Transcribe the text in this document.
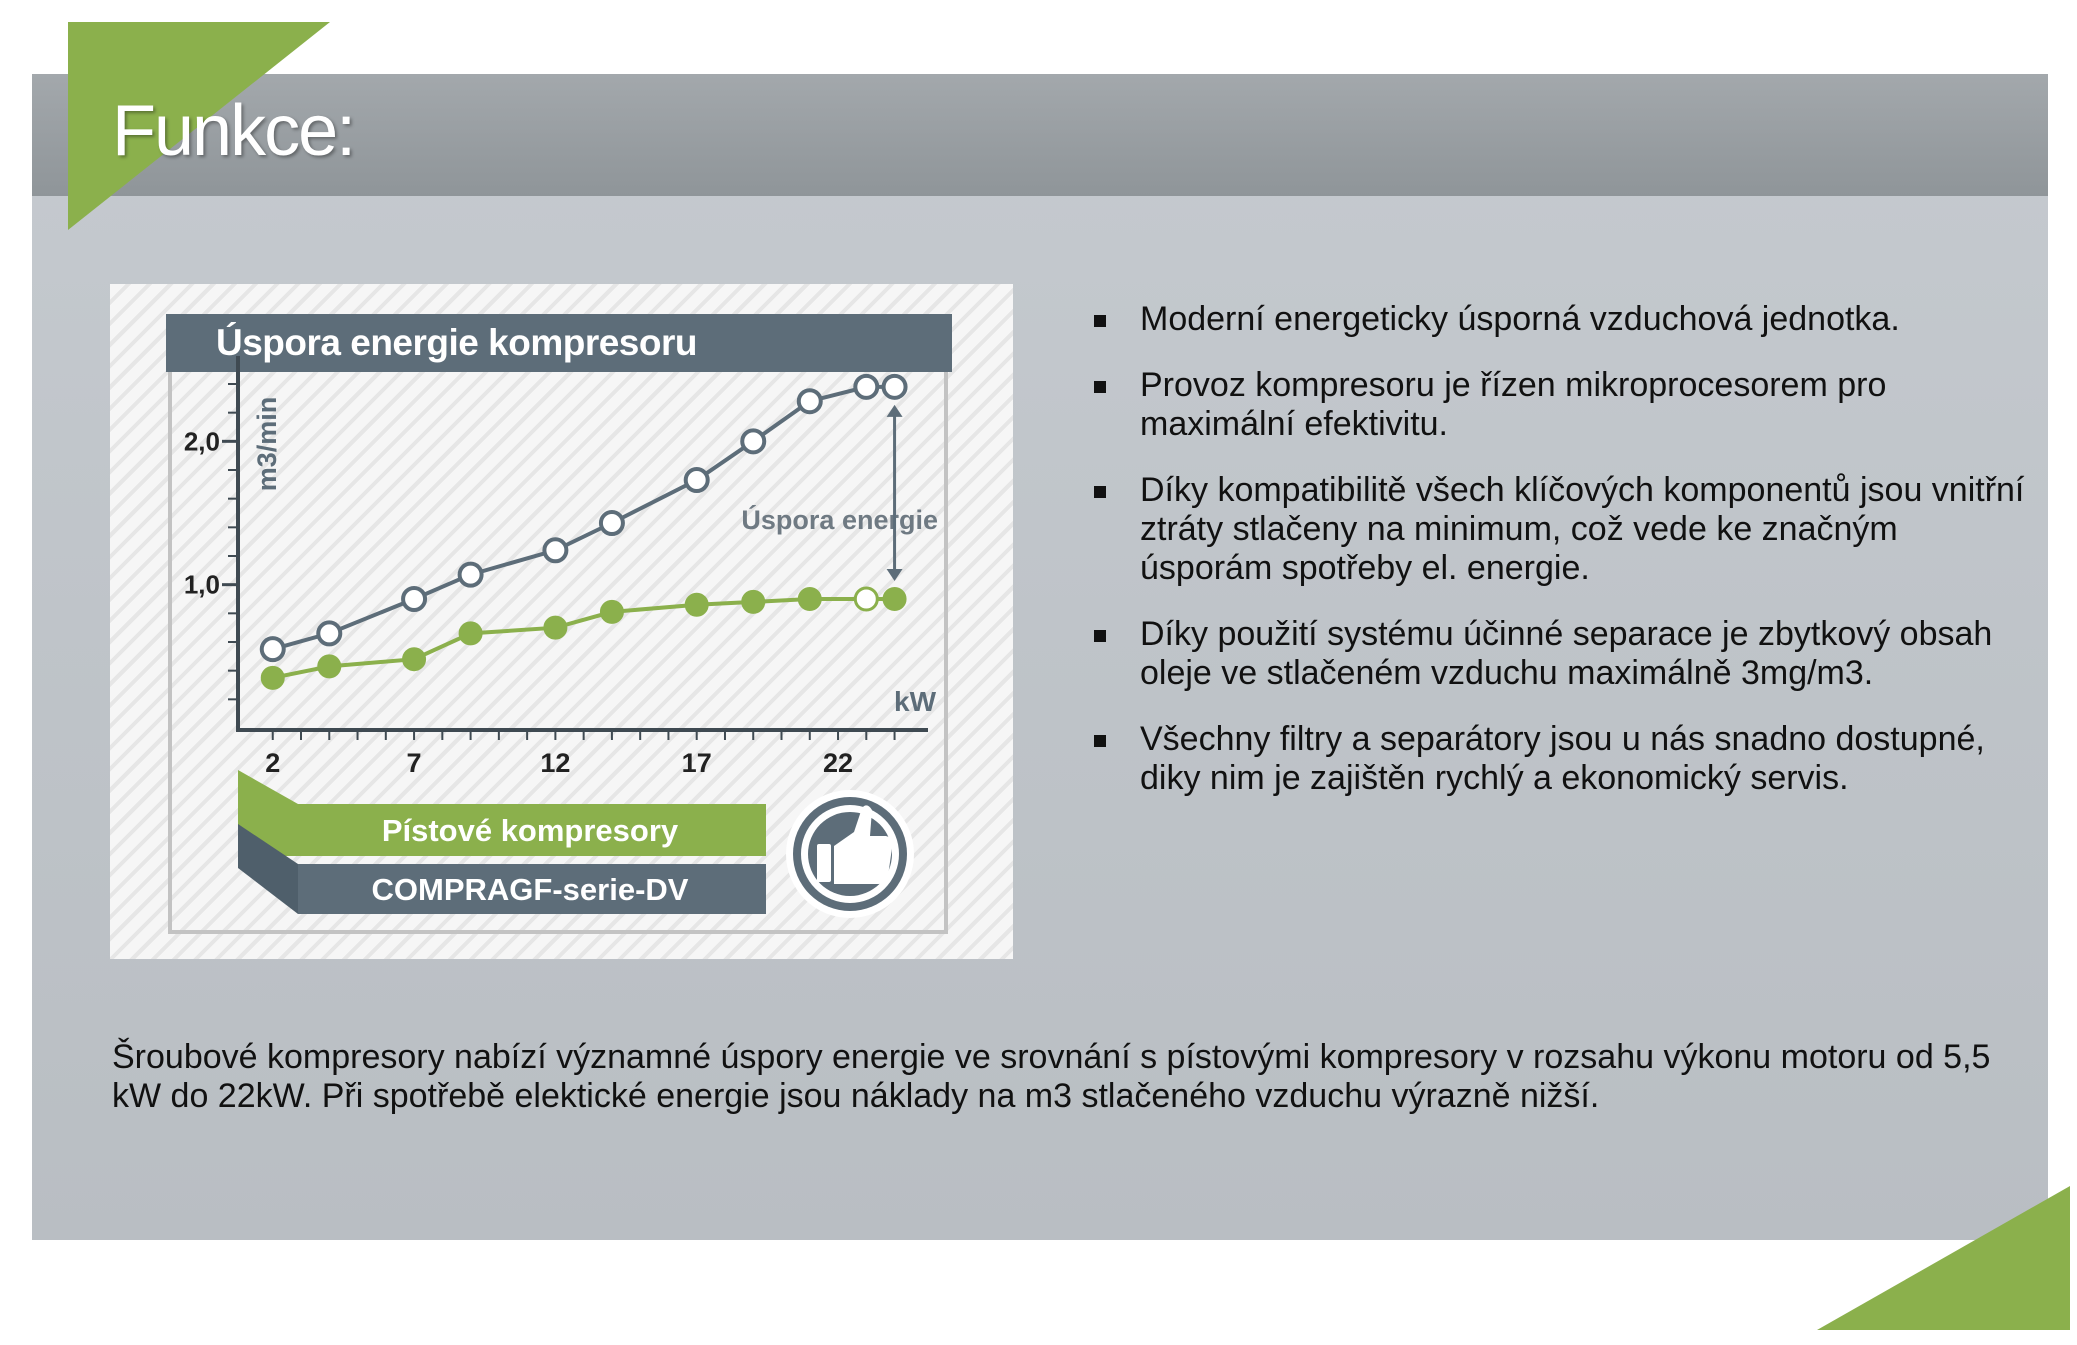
Funkce:
Úspora energie kompresoru
m3/min
kW
1,0
2,0
2	7	12	17	22
Úspora energie
Pístové kompresory
COMPRAGF-serie-DV
Moderní energeticky úsporná vzduchová jednotka.
Provoz kompresoru je řízen mikroprocesorem pro maximální efektivitu.
Díky kompatibilitě všech klíčových komponentů jsou vnitřní ztráty stlačeny na minimum, což vede ke značným úsporám spotřeby el. energie.
Díky použití systému účinné separace je zbytkový obsah oleje ve stlačeném vzduchu maximálně 3mg/m3.
Všechny filtry a separátory jsou u nás snadno dostupné, diky nim je zajištěn rychlý a ekonomický servis.

Šroubové kompresory nabízí významné úspory energie ve srovnání s pístovými kompresory v rozsahu výkonu motoru od 5,5 kW do 22kW. Při spotřebě elektické energie jsou náklady na m3 stlačeného vzduchu výrazně nižší.
